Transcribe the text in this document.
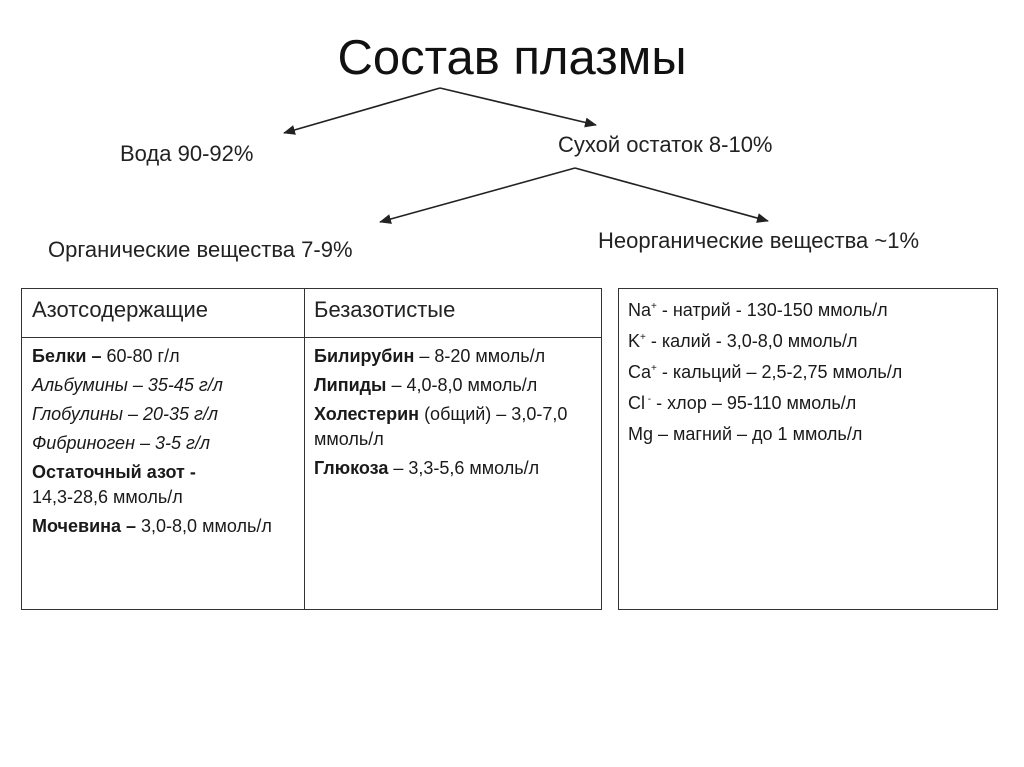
Состав плазмы
Вода 90-92%	Сухой остаток 8-10%
Органические вещества 7-9%	Неорганические вещества ~1%
Азотсодержащие	Безазотистые
Белки – 60-80 г/л
Альбумины – 35-45 г/л
Глобулины – 20-35 г/л
Фибриноген – 3-5 г/л
Остаточный азот -
14,3-28,6 ммоль/л
Мочевина – 3,0-8,0 ммоль/л
Билирубин – 8-20 ммоль/л
Липиды – 4,0-8,0 ммоль/л
Холестерин (общий) – 3,0-7,0 ммоль/л
Глюкоза – 3,3-5,6 ммоль/л
Na+ - натрий - 130-150 ммоль/л
K+ - калий - 3,0-8,0 ммоль/л
Ca+ - кальций – 2,5-2,75 ммоль/л
Cl - - хлор – 95-110 ммоль/л
Mg – магний – до 1 ммоль/л
